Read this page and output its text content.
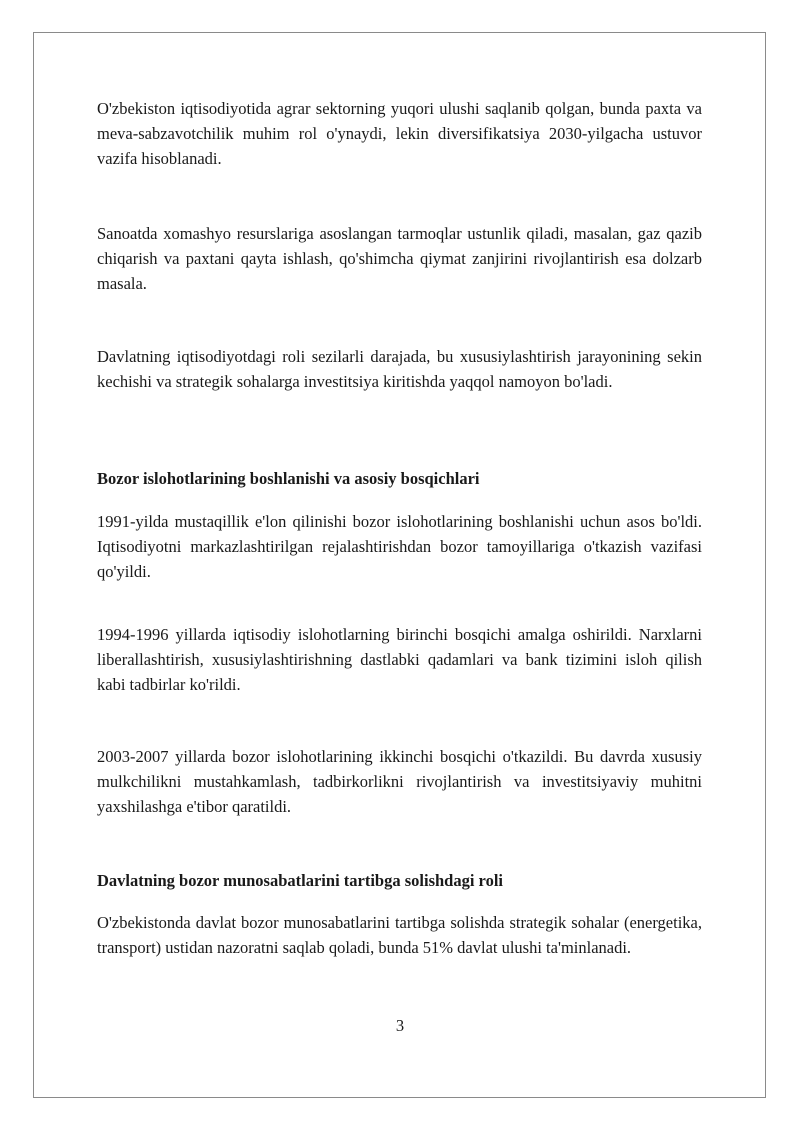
O'zbekiston iqtisodiyotida agrar sektorning yuqori ulushi saqlanib qolgan, bunda paxta va meva-sabzavotchilik muhim rol o'ynaydi, lekin diversifikatsiya 2030-yilgacha ustuvor vazifa hisoblanadi.

Sanoatda xomashyo resurslariga asoslangan tarmoqlar ustunlik qiladi, masalan, gaz qazib chiqarish va paxtani qayta ishlash, qo'shimcha qiymat zanjirini rivojlantirish esa dolzarb masala.

Davlatning iqtisodiyotdagi roli sezilarli darajada, bu xususiylashtirish jarayonining sekin kechishi va strategik sohalarga investitsiya kiritishda yaqqol namoyon bo'ladi.

Bozor islohotlarining boshlanishi va asosiy bosqichlari

1991-yilda mustaqillik e'lon qilinishi bozor islohotlarining boshlanishi uchun asos bo'ldi. Iqtisodiyotni markazlashtirilgan rejalashtirishdan bozor tamoyillariga o'tkazish vazifasi qo'yildi.

1994-1996 yillarda iqtisodiy islohotlarning birinchi bosqichi amalga oshirildi. Narxlarni liberallashtirish, xususiylashtirishning dastlabki qadamlari va bank tizimini isloh qilish kabi tadbirlar ko'rildi.

2003-2007 yillarda bozor islohotlarining ikkinchi bosqichi o'tkazildi. Bu davrda xususiy mulkchilikni mustahkamlash, tadbirkorlikni rivojlantirish va investitsiyaviy muhitni yaxshilashga e'tibor qaratildi.

Davlatning bozor munosabatlarini tartibga solishdagi roli

O'zbekistonda davlat bozor munosabatlarini tartibga solishda strategik sohalar (energetika, transport) ustidan nazoratni saqlab qoladi, bunda 51% davlat ulushi ta'minlanadi.

3
